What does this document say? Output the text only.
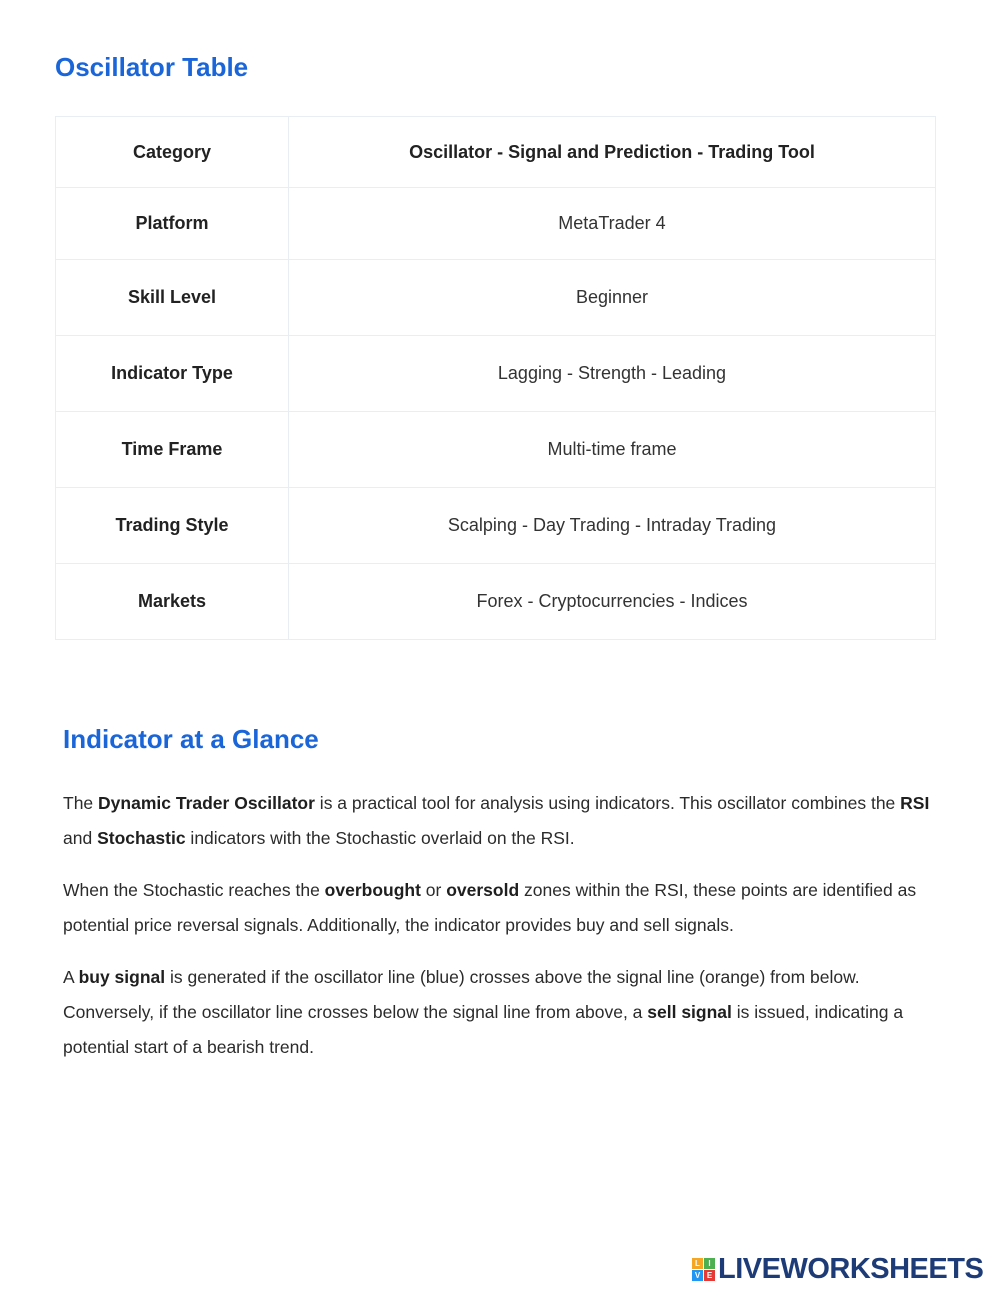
Oscillator Table
Category	Oscillator - Signal and Prediction - Trading Tool
Platform	MetaTrader 4
Skill Level	Beginner
Indicator Type	Lagging - Strength - Leading
Time Frame	Multi-time frame
Trading Style	Scalping - Day Trading - Intraday Trading
Markets	Forex - Cryptocurrencies - Indices
Indicator at a Glance

The Dynamic Trader Oscillator is a practical tool for analysis using indicators. This oscillator combines the RSI and Stochastic indicators with the Stochastic overlaid on the RSI.

When the Stochastic reaches the overbought or oversold zones within the RSI, these points are identified as potential price reversal signals. Additionally, the indicator provides buy and sell signals.

A buy signal is generated if the oscillator line (blue) crosses above the signal line (orange) from below. Conversely, if the oscillator line crosses below the signal line from above, a sell signal is issued, indicating a potential start of a bearish trend.

L	I
V E LIVEWORKSHEETS
